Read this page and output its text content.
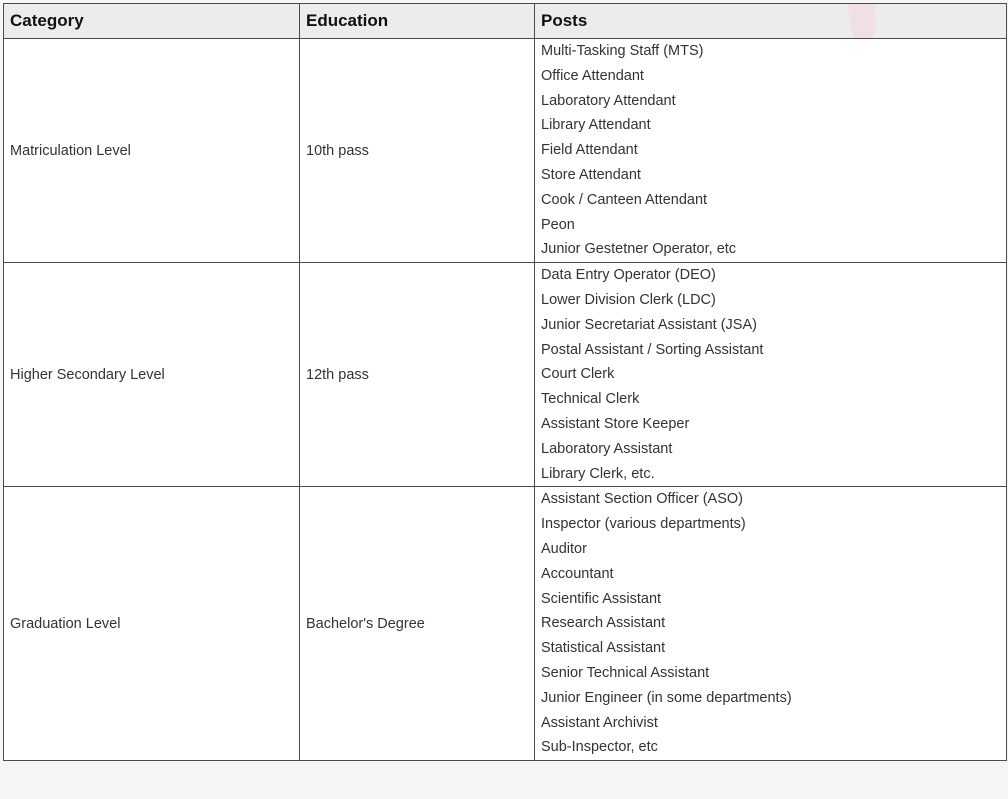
Category	Education	Posts
Matriculation Level	10th pass	
Multi-Tasking Staff (MTS)
Office Attendant
Laboratory Attendant
Library Attendant
Field Attendant
Store Attendant
Cook / Canteen Attendant
Peon
Junior Gestetner Operator, etc

Higher Secondary Level	12th pass	
Data Entry Operator (DEO)
Lower Division Clerk (LDC)
Junior Secretariat Assistant (JSA)
Postal Assistant / Sorting Assistant
Court Clerk
Technical Clerk
Assistant Store Keeper
Laboratory Assistant
Library Clerk, etc.

Graduation Level	Bachelor's Degree	
Assistant Section Officer (ASO)
Inspector (various departments)
Auditor
Accountant
Scientific Assistant
Research Assistant
Statistical Assistant
Senior Technical Assistant
Junior Engineer (in some departments)
Assistant Archivist
Sub-Inspector, etc
